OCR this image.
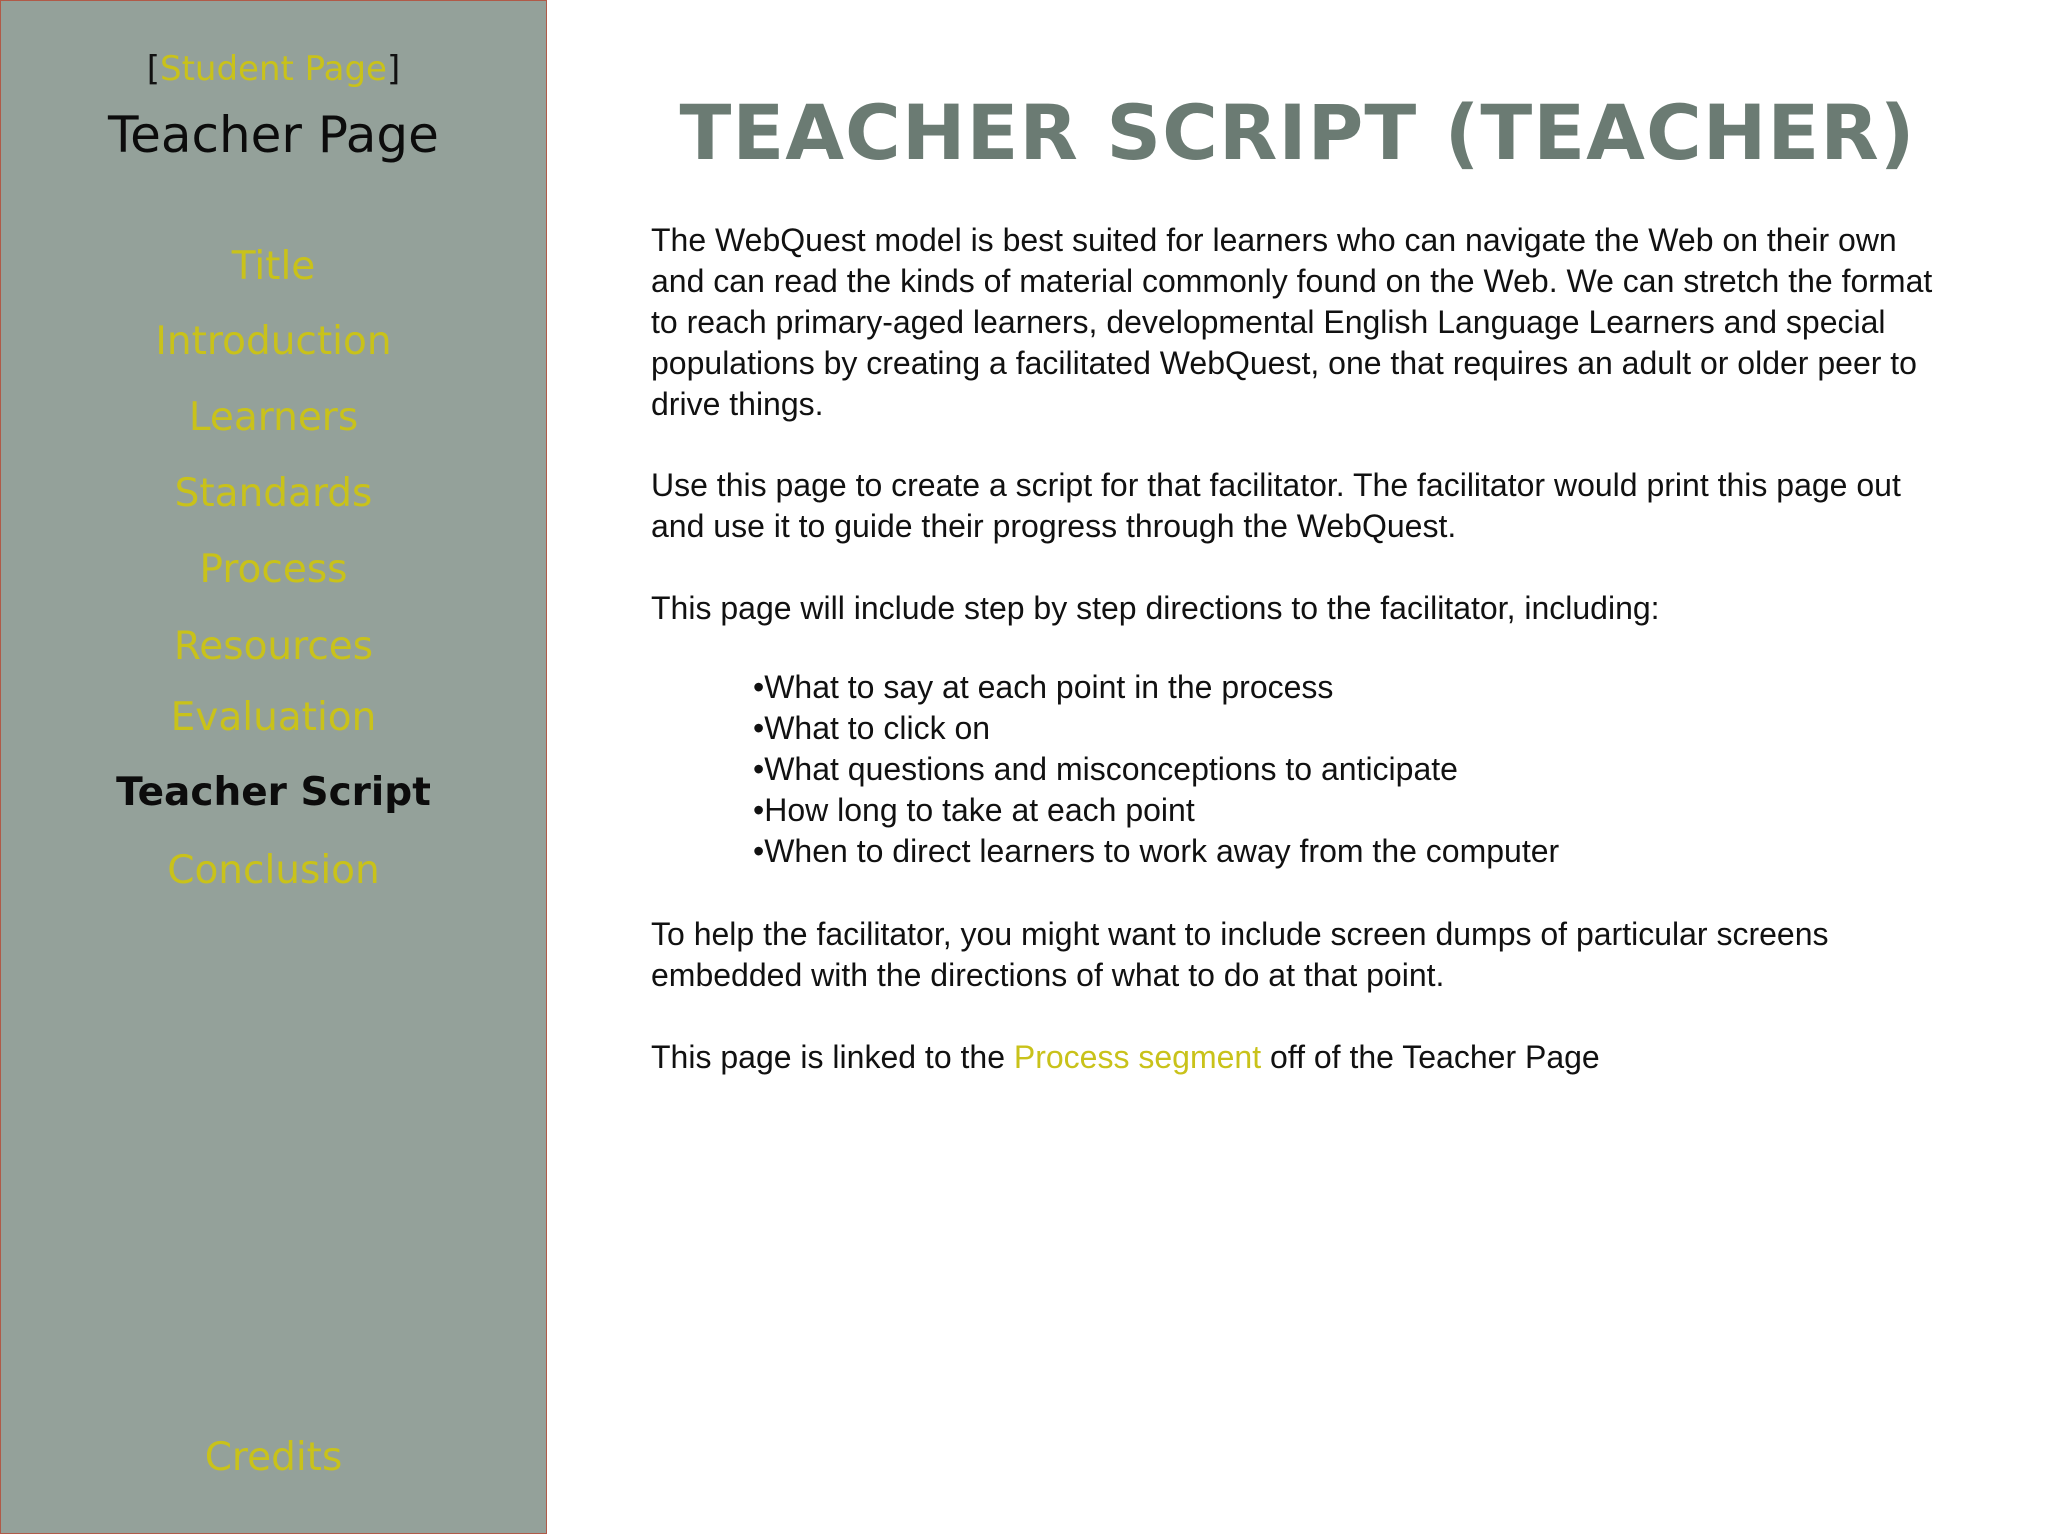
[Student Page]
Teacher Page
Title
Introduction
Learners
Standards
Process
Resources
Evaluation
Teacher Script
Conclusion
Credits
TEACHER SCRIPT (TEACHER)

The WebQuest model is best suited for learners who can navigate the Web on their own and can read the kinds of material commonly found on the Web. We can stretch the format to reach primary-aged learners, developmental English Language Learners and special populations by creating a facilitated WebQuest, one that requires an adult or older peer to drive things.

Use this page to create a script for that facilitator. The facilitator would print this page out and use it to guide their progress through the WebQuest.

This page will include step by step directions to the facilitator, including:

• What to say at each point in the process
• What to click on
• What questions and misconceptions to anticipate
• How long to take at each point
• When to direct learners to work away from the computer

To help the facilitator, you might want to include screen dumps of particular screens embedded with the directions of what to do at that point.

This page is linked to the Process segment off of the Teacher Page
